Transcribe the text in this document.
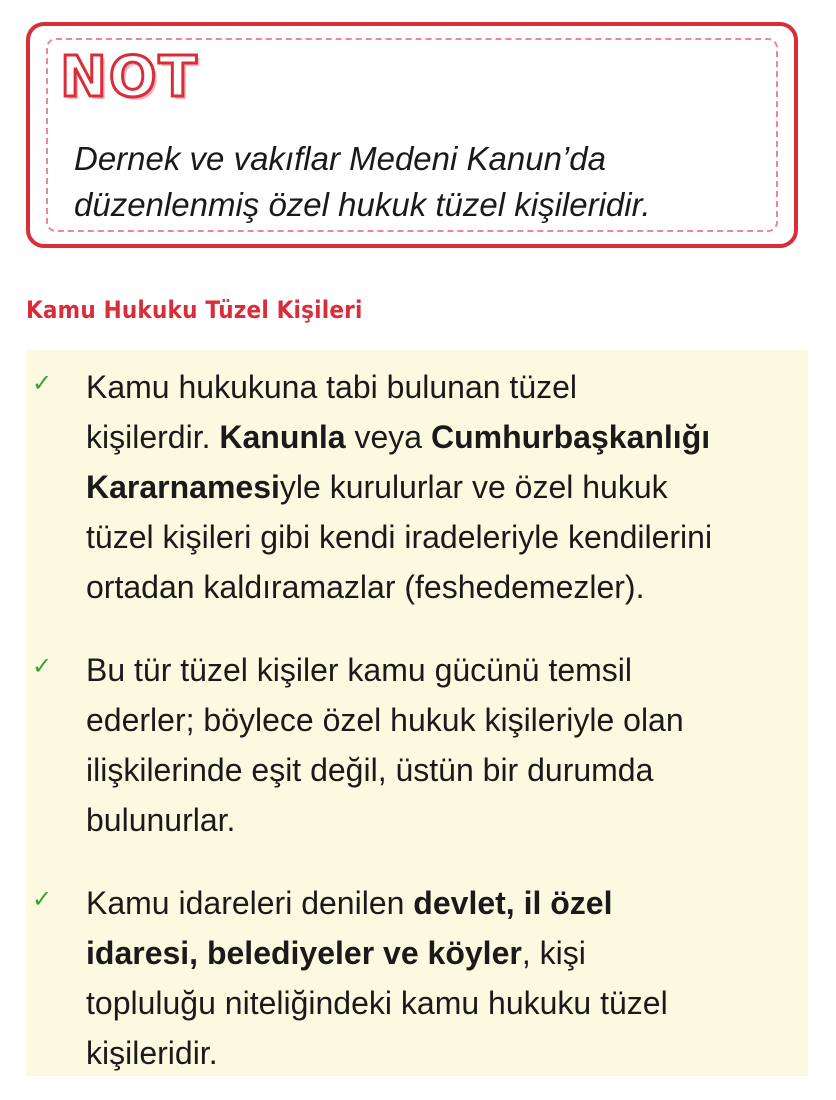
NOT
Dernek ve vakıflar Medeni Kanun’da
düzenlenmiş özel hukuk tüzel kişileridir.
Kamu Hukuku Tüzel Kişileri
✓ Kamu hukukuna tabi bulunan tüzel
kişilerdir. Kanunla veya Cumhurbaşkanlığı
Kararnamesiyle kurulurlar ve özel hukuk
tüzel kişileri gibi kendi iradeleriyle kendilerini
ortadan kaldıramazlar (feshedemezler).
✓ Bu tür tüzel kişiler kamu gücünü temsil
ederler; böylece özel hukuk kişileriyle olan
ilişkilerinde eşit değil, üstün bir durumda
bulunurlar.
✓ Kamu idareleri denilen devlet, il özel
idaresi, belediyeler ve köyler, kişi
topluluğu niteliğindeki kamu hukuku tüzel
kişileridir.
